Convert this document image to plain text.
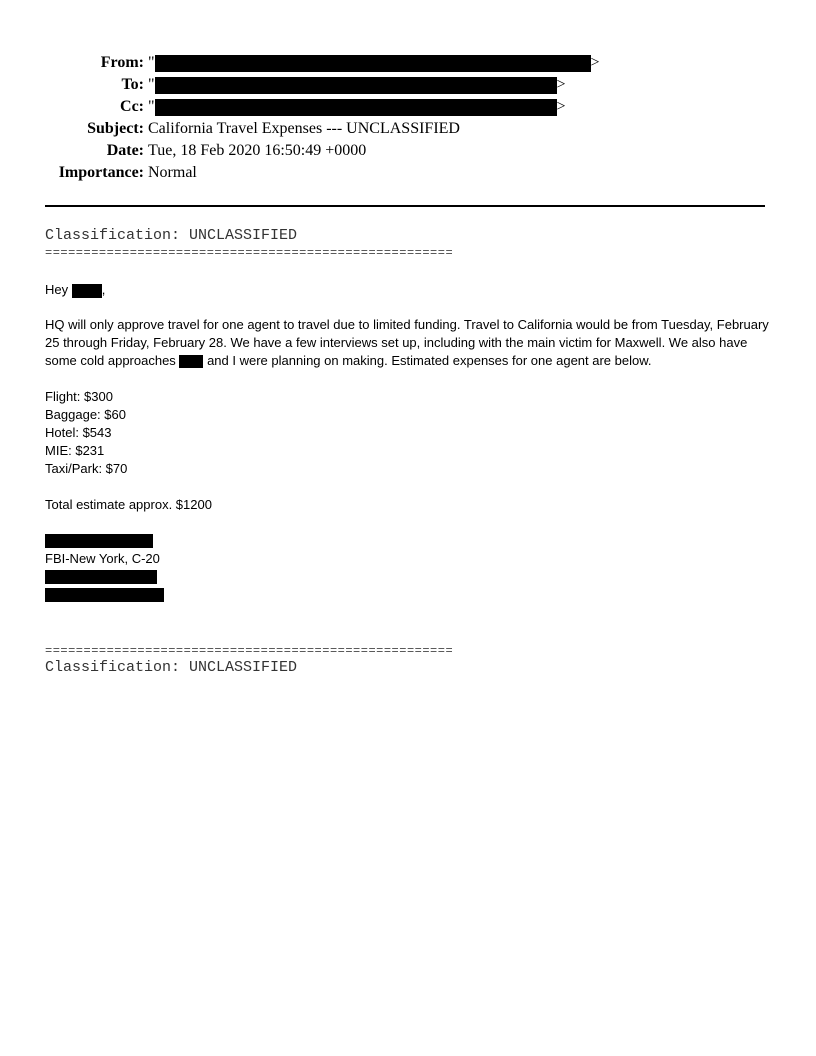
From: "	>
To: "	>
Cc: "	>
Subject: California Travel Expenses --- UNCLASSIFIED
Date: Tue, 18 Feb 2020 16:50:49 +0000
Importance: Normal
Classification: UNCLASSIFIED
=====================================================
Hey	,
HQ will only approve travel for one agent to travel due to limited funding. Travel to California would be from Tuesday, February 25 through Friday, February 28. We have a few interviews set up, including with the main victim for Maxwell. We also have some cold approaches and I were planning on making. Estimated expenses for one agent are below.
Flight: $300
Baggage: $60
Hotel: $543
MIE: $231
Taxi/Park: $70
Total estimate approx. $1200
FBI-New York, C-20
=====================================================
Classification: UNCLASSIFIED
